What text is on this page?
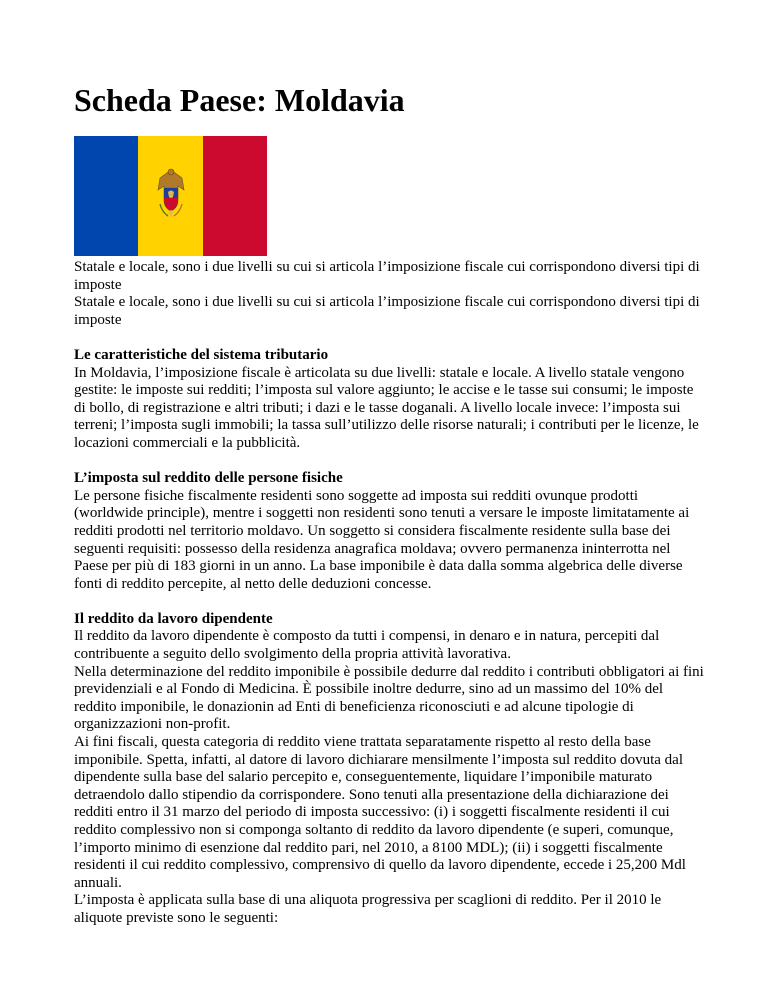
Scheda Paese: Moldavia

Statale e locale, sono i due livelli su cui si articola l’imposizione fiscale cui corrispondono diversi tipi di imposte

Statale e locale, sono i due livelli su cui si articola l’imposizione fiscale cui corrispondono diversi tipi di imposte

Le caratteristiche del sistema tributario

In Moldavia, l’imposizione fiscale è articolata su due livelli: statale e locale. A livello statale vengono gestite: le imposte sui redditi; l’imposta sul valore aggiunto; le accise e le tasse sui consumi; le imposte di bollo, di registrazione e altri tributi; i dazi e le tasse doganali. A livello locale invece: l’imposta sui terreni; l’imposta sugli immobili; la tassa sull’utilizzo delle risorse naturali; i contributi per le licenze, le locazioni commerciali e la pubblicità.

L’imposta sul reddito delle persone fisiche

Le persone fisiche fiscalmente residenti sono soggette ad imposta sui redditi ovunque prodotti (worldwide principle), mentre i soggetti non residenti sono tenuti a versare le imposte limitatamente ai redditi prodotti nel territorio moldavo. Un soggetto si considera fiscalmente residente sulla base dei seguenti requisiti: possesso della residenza anagrafica moldava; ovvero permanenza ininterrotta nel Paese per più di 183 giorni in un anno. La base imponibile è data dalla somma algebrica delle diverse fonti di reddito percepite, al netto delle deduzioni concesse.

Il reddito da lavoro dipendente

Il reddito da lavoro dipendente è composto da tutti i compensi, in denaro e in natura, percepiti dal contribuente a seguito dello svolgimento della propria attività lavorativa.

Nella determinazione del reddito imponibile è possibile dedurre dal reddito i contributi obbligatori ai fini previdenziali e al Fondo di Medicina. È possibile inoltre dedurre, sino ad un massimo del 10% del reddito imponibile, le donazionin ad Enti di beneficienza riconosciuti e ad alcune tipologie di organizzazioni non-profit.

Ai fini fiscali, questa categoria di reddito viene trattata separatamente rispetto al resto della base imponibile. Spetta, infatti, al datore di lavoro dichiarare mensilmente l’imposta sul reddito dovuta dal dipendente sulla base del salario percepito e, conseguentemente, liquidare l’imponibile maturato detraendolo dallo stipendio da corrispondere. Sono tenuti alla presentazione della dichiarazione dei redditi entro il 31 marzo del periodo di imposta successivo: (i) i soggetti fiscalmente residenti il cui reddito complessivo non si componga soltanto di reddito da lavoro dipendente (e superi, comunque, l’importo minimo di esenzione dal reddito pari, nel 2010, a 8100 MDL); (ii) i soggetti fiscalmente residenti il cui reddito complessivo, comprensivo di quello da lavoro dipendente, eccede i 25,200 Mdl annuali.

L’imposta è applicata sulla base di una aliquota progressiva per scaglioni di reddito. Per il 2010 le aliquote previste sono le seguenti:
